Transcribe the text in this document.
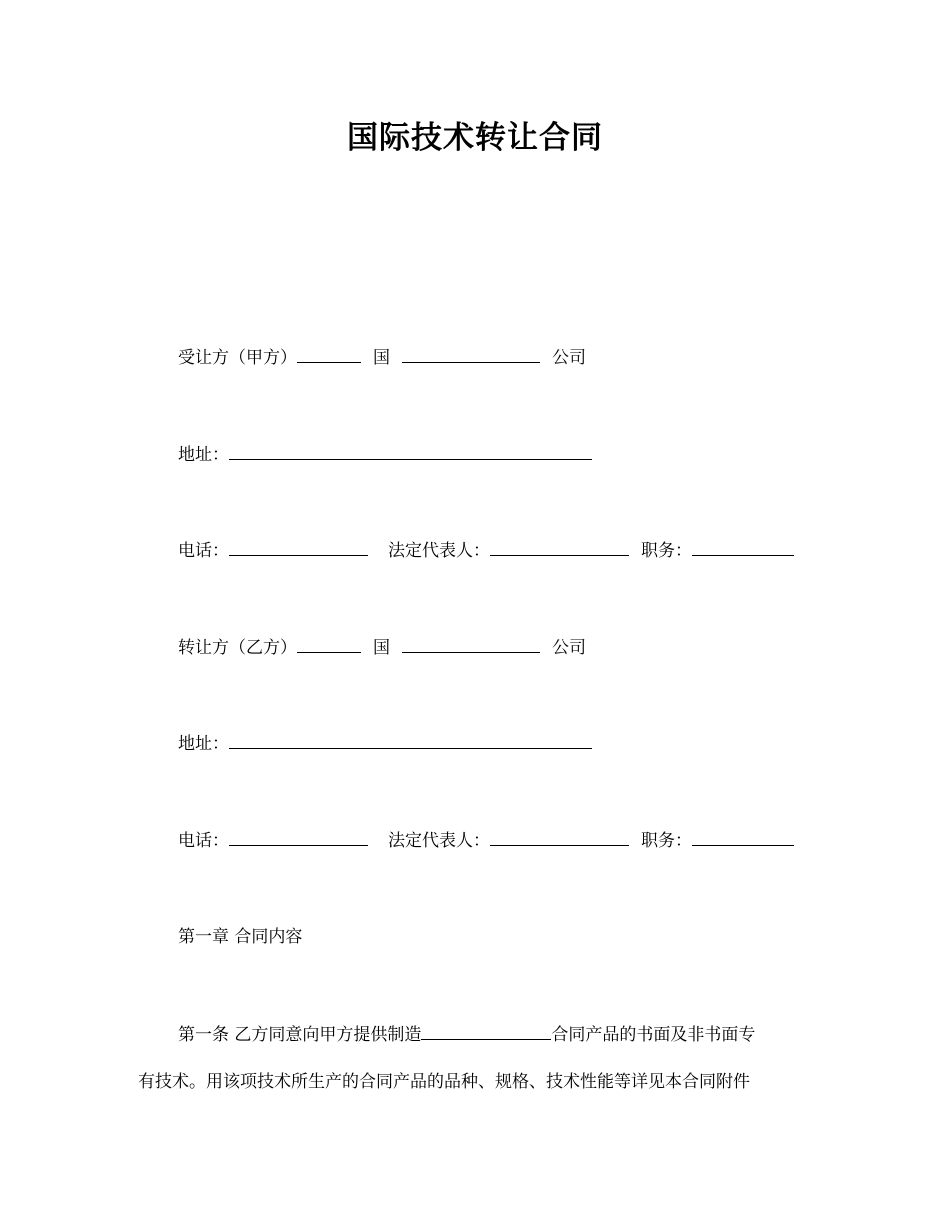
国际技术转让合同
受让方（甲方）	国	公司
地址：
电话：	法定代表人：	职务：
转让方（乙方）	国	公司
地址：
电话：	法定代表人：	职务：
第一章 合同内容
第一条 乙方同意向甲方提供制造	合同产品的书面及非书面专
有技术。用该项技术所生产的合同产品的品种、规格、技术性能等详见本合同附件
